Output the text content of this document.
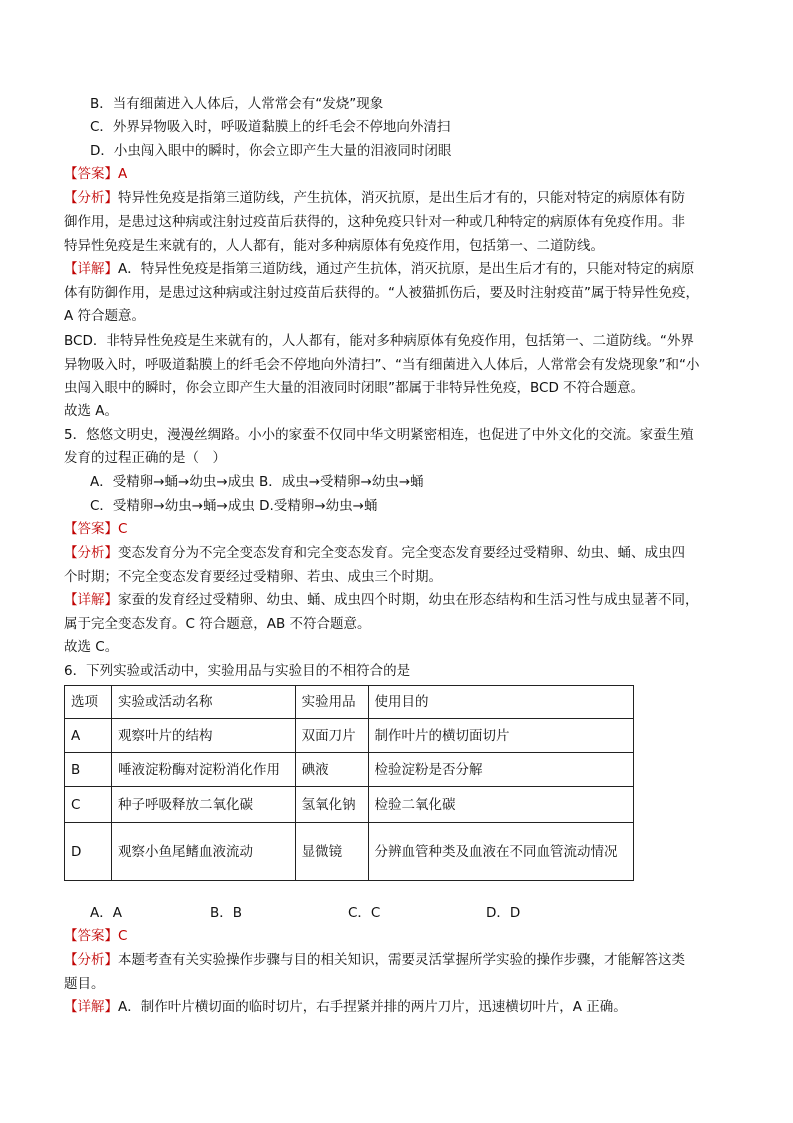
B．当有细菌进入人体后，人常常会有“发烧”现象
C．外界异物吸入时，呼吸道黏膜上的纤毛会不停地向外清扫
D．小虫闯入眼中的瞬时，你会立即产生大量的泪液同时闭眼
【答案】A
【分析】特异性免疫是指第三道防线，产生抗体，消灭抗原，是出生后才有的，只能对特定的病原体有防
御作用，是患过这种病或注射过疫苗后获得的，这种免疫只针对一种或几种特定的病原体有免疫作用。非
特异性免疫是生来就有的，人人都有，能对多种病原体有免疫作用，包括第一、二道防线。
【详解】A．特异性免疫是指第三道防线，通过产生抗体，消灭抗原，是出生后才有的，只能对特定的病原
体有防御作用，是患过这种病或注射过疫苗后获得的。“人被猫抓伤后，要及时注射疫苗”属于特异性免疫，
A 符合题意。
BCD．非特异性免疫是生来就有的，人人都有，能对多种病原体有免疫作用，包括第一、二道防线。“外界
异物吸入时，呼吸道黏膜上的纤毛会不停地向外清扫”、“当有细菌进入人体后，人常常会有发烧现象”和“小
虫闯入眼中的瞬时，你会立即产生大量的泪液同时闭眼”都属于非特异性免疫，BCD 不符合题意。
故选 A。
5．悠悠文明史，漫漫丝绸路。小小的家蚕不仅同中华文明紧密相连，也促进了中外文化的交流。家蚕生殖
发育的过程正确的是（　）
A．受精卵→蛹→幼虫→成虫 B．成虫→受精卵→幼虫→蛹
C．受精卵→幼虫→蛹→成虫 D.受精卵→幼虫→蛹
【答案】C
【分析】变态发育分为不完全变态发育和完全变态发育。完全变态发育要经过受精卵、幼虫、蛹、成虫四
个时期；不完全变态发育要经过受精卵、若虫、成虫三个时期。
【详解】家蚕的发育经过受精卵、幼虫、蛹、成虫四个时期，幼虫在形态结构和生活习性与成虫显著不同，
属于完全变态发育。C 符合题意，AB 不符合题意。
故选 C。
6．下列实验或活动中，实验用品与实验目的不相符合的是
选项	实验或活动名称	实验用品	使用目的
A	观察叶片的结构	双面刀片	制作叶片的横切面切片
B	唾液淀粉酶对淀粉消化作用	碘液	检验淀粉是否分解
C	种子呼吸释放二氧化碳	氢氧化钠	检验二氧化碳
D	观察小鱼尾鳍血液流动	显微镜	分辨血管种类及血液在不同血管流动情况
A．A	B．B	C．C	D．D
【答案】C
【分析】本题考查有关实验操作步骤与目的相关知识，需要灵活掌握所学实验的操作步骤，才能解答这类
题目。
【详解】A．制作叶片横切面的临时切片，右手捏紧并排的两片刀片，迅速横切叶片，A 正确。
